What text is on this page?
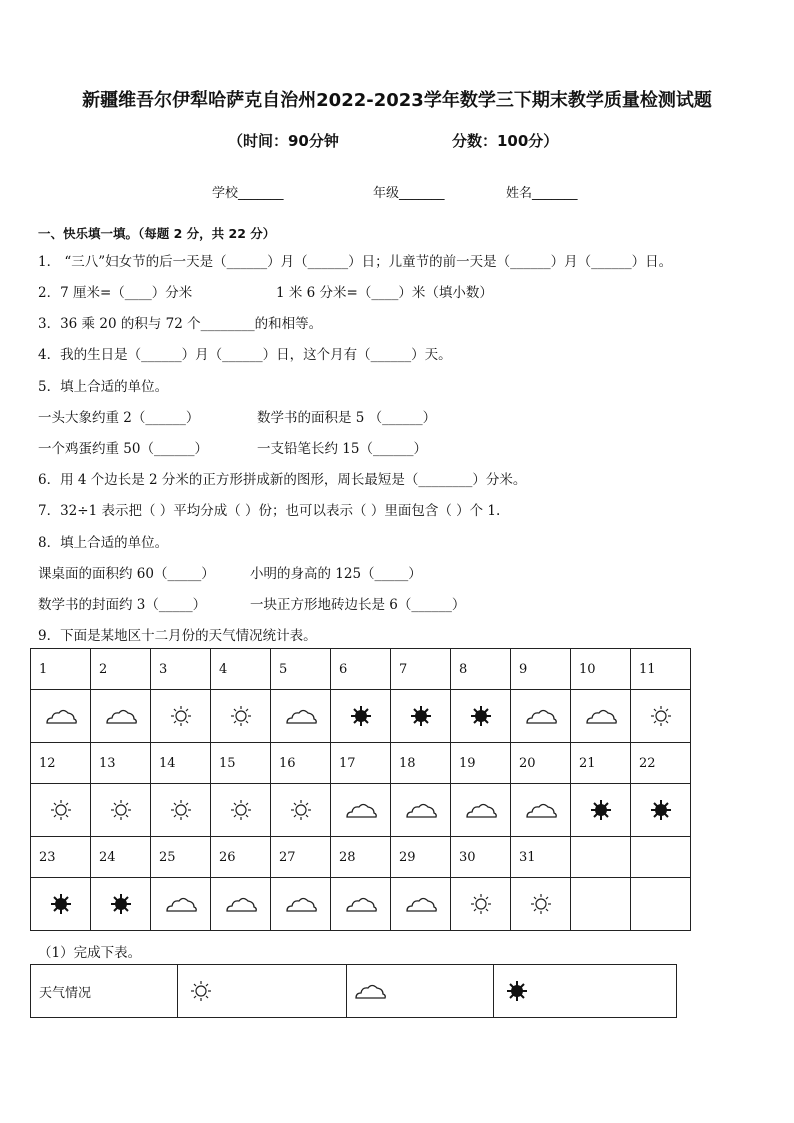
新疆维吾尔伊犁哈萨克自治州2022-2023学年数学三下期末教学质量检测试题
（时间：90分钟	分数：100分）
学校_______	年级_______	姓名_______
一、快乐填一填。（每题 2 分，共 22 分）
1． “三八”妇女节的后一天是（______）月（______）日；儿童节的前一天是（______）月（______）日。
2．7 厘米=（____）分米	1 米 6 分米=（____）米（填小数）
3．36 乘 20 的积与 72 个________的和相等。
4．我的生日是（______）月（______）日，这个月有（______）天。
5．填上合适的单位。
一头大象约重 2（______）	数学书的面积是 5 （______）
一个鸡蛋约重 50（______）	一支铅笔长约 15（______）
6．用 4 个边长是 2 分米的正方形拼成新的图形，周长最短是（________）分米。
7．32÷1 表示把（ ）平均分成（ ）份；也可以表示（ ）里面包含（ ）个 1.
8．填上合适的单位。
课桌面的面积约 60（_____）	小明的身高的 125（_____）
数学书的封面约 3（_____）	一块正方形地砖边长是 6（______）
9．下面是某地区十二月份的天气情况统计表。
1	2	3	4	5	6	7	8	9	10	11

12	13	14	15	16	17	18	19	20	21	22

23	24	25	26	27	28	29	30	31		

（1）完成下表。
天气情况			
